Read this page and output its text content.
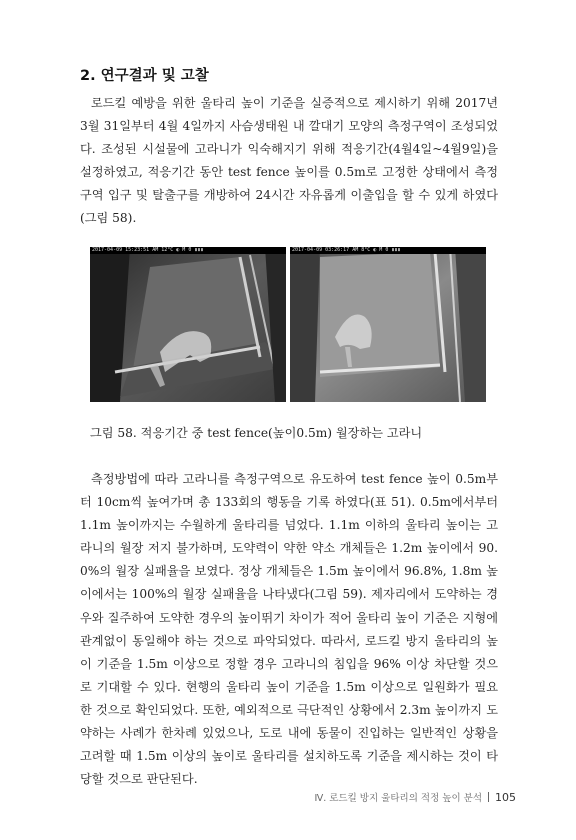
2. 연구결과 및 고찰

로드킬 예방을 위한 울타리 높이 기준을 실증적으로 제시하기 위해 2017년 3월 31일부터 4월 4일까지 사슴생태원 내 깔대기 모양의 측정구역이 조성되었다. 조성된 시설물에 고라니가 익숙해지기 위해 적응기간(4월4일~4월9일)을 설정하였고, 적응기간 동안 test fence 높이를 0.5m로 고정한 상태에서 측정구역 입구 및 탈출구를 개방하여 24시간 자유롭게 이출입을 할 수 있게 하였다(그림 58).

2017-04-09 15:23:51 AM 12°C ◐ M 0 ▮▮▮	2017-04-09 03:26:17 AM 8°C ◐ M 0 ▮▮▮
그림 58. 적응기간 중 test fence(높이0.5m) 월장하는 고라니

측정방법에 따라 고라니를 측정구역으로 유도하여 test fence 높이 0.5m부터 10cm씩 높여가며 총 133회의 행동을 기록 하였다(표 51). 0.5m에서부터 1.1m 높이까지는 수월하게 울타리를 넘었다. 1.1m 이하의 울타리 높이는 고라니의 월장 저지 불가하며, 도약력이 약한 약소 개체들은 1.2m 높이에서 90.0%의 월장 실패율을 보였다. 정상 개체들은 1.5m 높이에서 96.8%, 1.8m 높이에서는 100%의 월장 실패율을 나타냈다(그림 59). 제자리에서 도약하는 경우와 질주하여 도약한 경우의 높이뛰기 차이가 적어 울타리 높이 기준은 지형에 관계없이 동일해야 하는 것으로 파악되었다. 따라서, 로드킬 방지 울타리의 높이 기준을 1.5m 이상으로 정할 경우 고라니의 침입을 96% 이상 차단할 것으로 기대할 수 있다. 현행의 울타리 높이 기준을 1.5m 이상으로 일원화가 필요한 것으로 확인되었다. 또한, 예외적으로 극단적인 상황에서 2.3m 높이까지 도약하는 사례가 한차례 있었으나, 도로 내에 동물이 진입하는 일반적인 상황을 고려할 때 1.5m 이상의 높이로 울타리를 설치하도록 기준을 제시하는 것이 타당할 것으로 판단된다.

Ⅳ. 로드킬 방지 울타리의 적정 높이 분석 105
